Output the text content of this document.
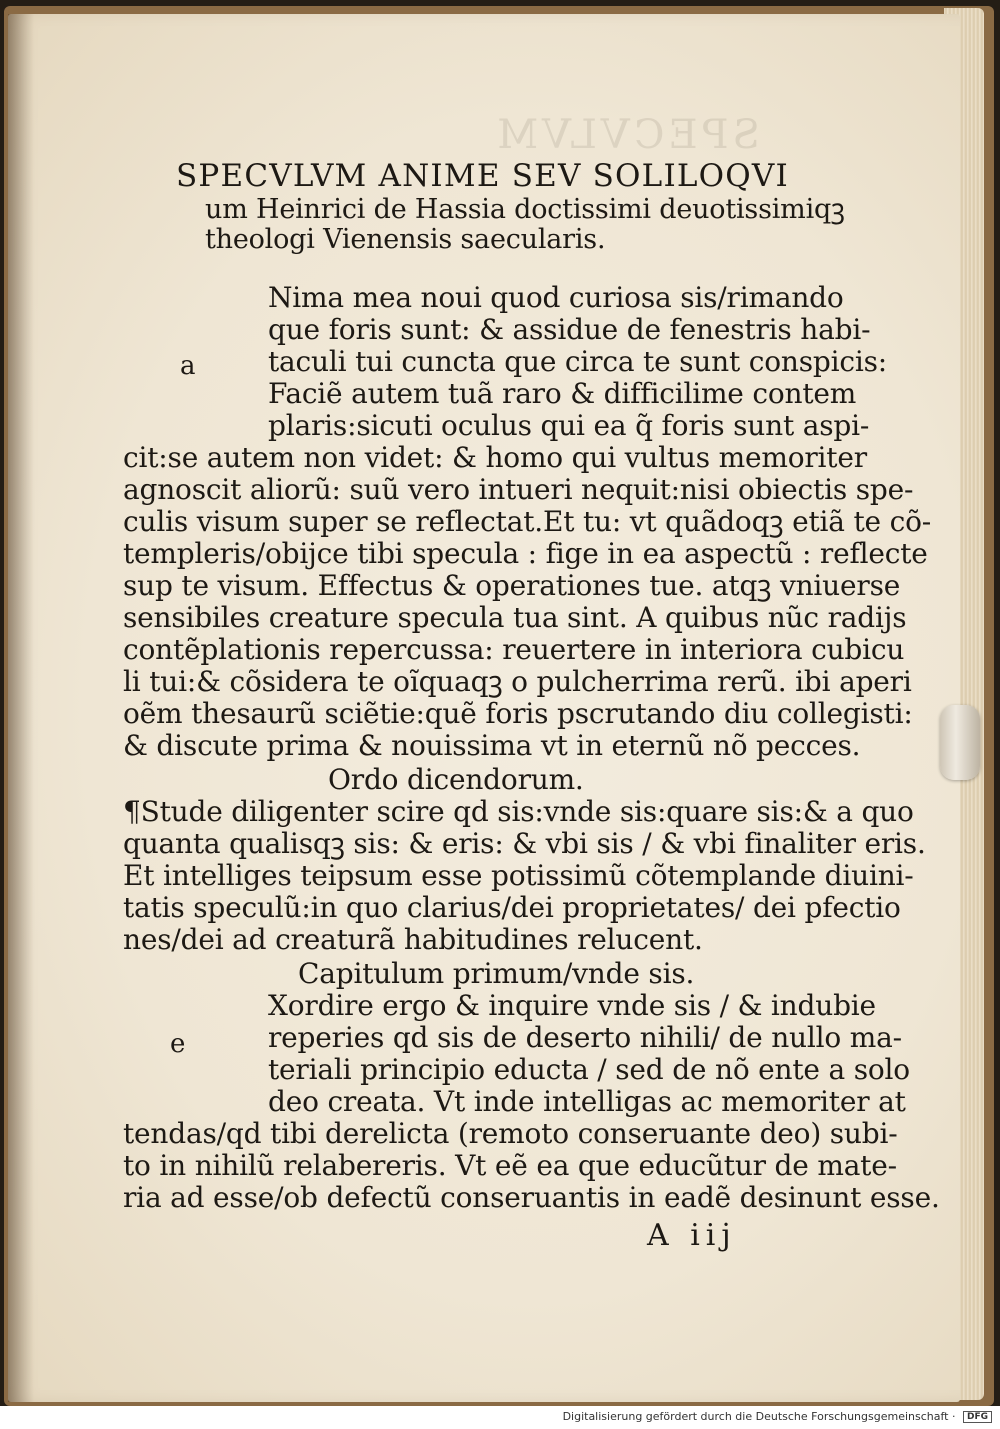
SPECVLVM
SPECVLVM ANIME SEV SOLILOQVI
um Heinrici de Hassia doctissimi deuotissimiqꝫ
theologi Vienensis saecularis.
Nima mea noui quod curiosa sis/rimando
que foris sunt: & assidue de fenestris habi-
taculi tui cuncta que circa te sunt conspicis:
a
Faciẽ autem tuã raro & difficilime contem
plaris:sicuti oculus qui ea q̃ foris sunt aspi-
cit:se autem non videt: & homo qui vultus memoriter
agnoscit aliorũ: suũ vero intueri nequit:nisi obiectis spe-
culis visum super se reflectat.Et tu: vt quãdoqꝫ etiã te cõ-
templeris/obijce tibi specula : fige in ea aspectũ : reflecte
sup te visum. Effectus & operationes tue. atqꝫ vniuerse
sensibiles creature specula tua sint. A quibus nũc radijs
contẽplationis repercussa: reuertere in interiora cubicu
li tui:& cõsidera te oĩquaqꝫ o pulcherrima rerũ. ibi aperi
oẽm thesaurũ sciẽtie:quẽ foris pscrutando diu collegisti:
& discute prima & nouissima vt in eternũ nõ pecces.
Ordo dicendorum.
¶Stude diligenter scire qd sis:vnde sis:quare sis:& a quo
quanta qualisqꝫ sis: & eris: & vbi sis / & vbi finaliter eris.
Et intelliges teipsum esse potissimũ cõtemplande diuini-
tatis speculũ:in quo clarius/dei proprietates/ dei pfectio
nes/dei ad creaturã habitudines relucent.
Capitulum primum/vnde sis.
Xordire ergo & inquire vnde sis / & indubie
reperies qd sis de deserto nihili/ de nullo ma-
e
teriali principio educta / sed de nõ ente a solo
deo creata. Vt inde intelligas ac memoriter at
tendas/qd tibi derelicta (remoto conseruante deo) subi-
to in nihilũ relabereris. Vt eẽ ea que educũtur de mate-
ria ad esse/ob defectũ conseruantis in eadẽ desinunt esse.
A iij
Digitalisierung gefördert durch die Deutsche Forschungsgemeinschaft · DFG
